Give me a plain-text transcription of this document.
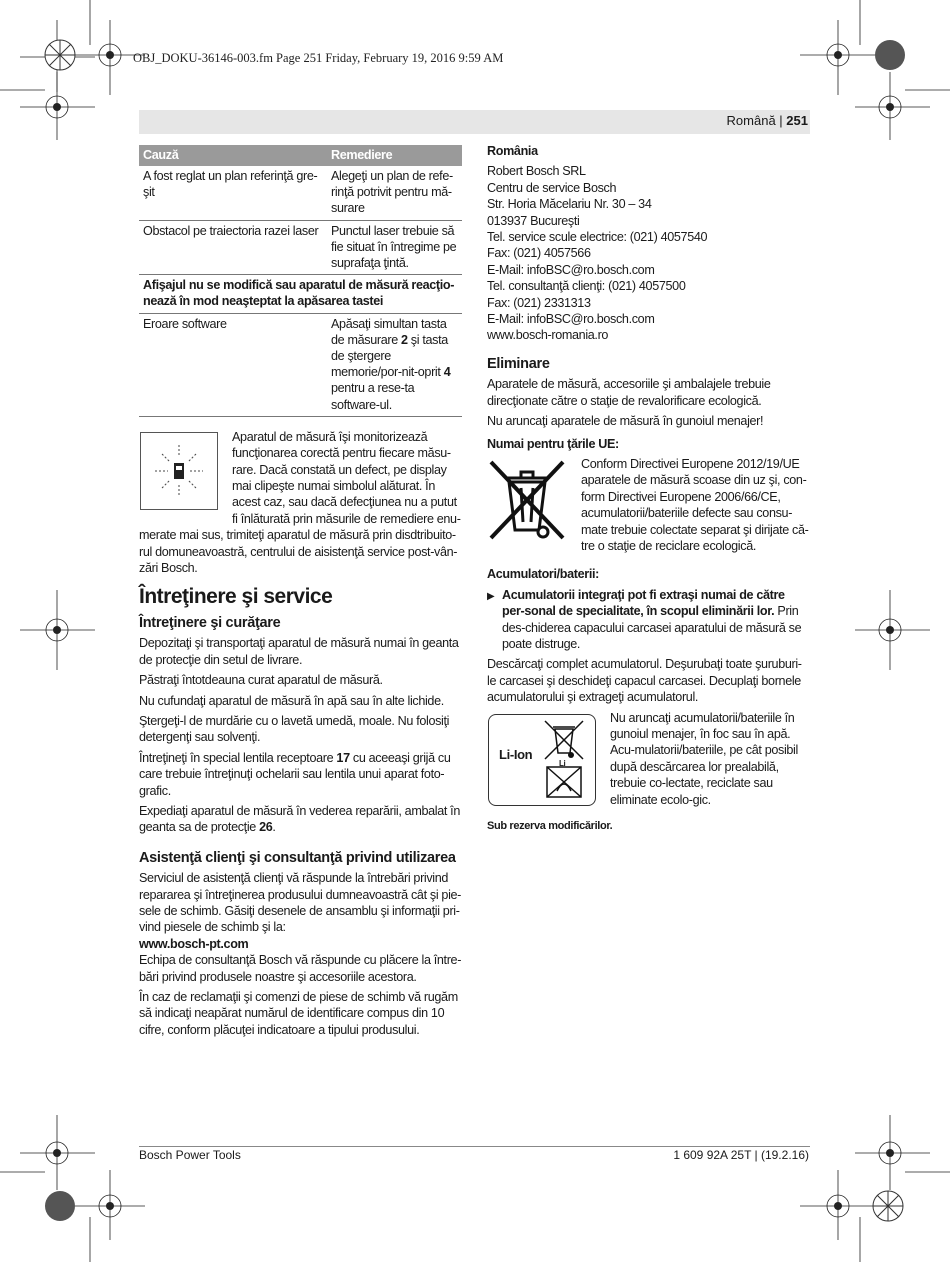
OBJ_DOKU-36146-003.fm Page 251 Friday, February 19, 2016 9:59 AM
Română | 251
Cauză	Remediere
A fost reglat un plan referinţă gre-şit	Alegeţi un plan de refe-rinţă potrivit pentru mă-surare
Obstacol pe traiectoria razei laser	Punctul laser trebuie să fie situat în întregime pe suprafaţa ţintă.
Afişajul nu se modifică sau aparatul de măsură reacţio-nează în mod neaşteptat la apăsarea tastei	
Eroare software	Apăsaţi simultan tasta de măsurare 2 şi tasta de ştergere memorie/por-nit-oprit 4 pentru a rese-ta software-ul.

Aparatul de măsură îşi monitorizează funcţionarea corectă pentru fiecare măsu-rare. Dacă constată un defect, pe display mai clipeşte numai simbolul alăturat. În acest caz, sau dacă defecţiunea nu a putut fi înlăturată prin măsurile de remediere enu-merate mai sus, trimiteţi aparatul de măsură prin disdtribuito-rul domuneavoastră, centrului de aisistenţă service post-vân-zări Bosch.

Întreţinere şi service
Întreţinere şi curăţare

Depozitaţi şi transportaţi aparatul de măsură numai în geanta de protecţie din setul de livrare.

Păstraţi întotdeauna curat aparatul de măsură.

Nu cufundaţi aparatul de măsură în apă sau în alte lichide.

Ştergeţi-l de murdărie cu o lavetă umedă, moale. Nu folosiţi detergenţi sau solvenţi.

Întreţineţi în special lentila receptoare 17 cu aceeaşi grijă cu care trebuie întreţinuţi ochelarii sau lentila unui aparat foto-grafic.

Expediaţi aparatul de măsură în vederea reparării, ambalat în geanta sa de protecţie 26.

Asistenţă clienţi şi consultanţă privind utilizarea

Serviciul de asistenţă clienţi vă răspunde la întrebări privind repararea şi întreţinerea produsului dumneavoastră cât şi pie-sele de schimb. Găsiţi desenele de ansamblu şi informaţii pri-vind piesele de schimb şi la:
www.bosch-pt.com

Echipa de consultanţă Bosch vă răspunde cu plăcere la între-bări privind produsele noastre şi accesoriile acestora.

În caz de reclamaţii şi comenzi de piese de schimb vă rugăm să indicaţi neapărat numărul de identificare compus din 10 cifre, conform plăcuţei indicatoare a tipului produsului.

România
Robert Bosch SRL
Centru de service Bosch
Str. Horia Măcelariu Nr. 30 – 34
013937 Bucureşti
Tel. service scule electrice: (021) 4057540
Fax: (021) 4057566
E-Mail: infoBSC@ro.bosch.com
Tel. consultanţă clienţi: (021) 4057500
Fax: (021) 2331313
E-Mail: infoBSC@ro.bosch.com
www.bosch-romania.ro
Eliminare

Aparatele de măsură, accesoriile şi ambalajele trebuie direcţionate către o staţie de revalorificare ecologică.

Nu aruncaţi aparatele de măsură în gunoiul menajer!

Numai pentru ţările UE:

Conform Directivei Europene 2012/19/UE aparatele de măsură scoase din uz şi, con-form Directivei Europene 2006/66/CE, acumulatorii/bateriile defecte sau consu-mate trebuie colectate separat şi dirijate că-tre o staţie de reciclare ecologică.

Acumulatori/baterii:
▶ Acumulatorii integraţi pot fi extraşi numai de către per-sonal de specialitate, în scopul eliminării lor. Prin des-chiderea capacului carcasei aparatului de măsură se poate distruge.

Descărcaţi complet acumulatorul. Deşurubaţi toate şuruburi-le carcasei şi deschideţi capacul carcasei. Decuplaţi bornele acumulatorului şi extrageţi acumulatorul.

Li-Ion
Li

Nu aruncaţi acumulatorii/bateriile în gunoiul menajer, în foc sau în apă. Acu-mulatorii/bateriile, pe cât posibil după descărcarea lor prealabilă, trebuie co-lectate, reciclate sau eliminate ecolo-gic.

Sub rezerva modificărilor.

Bosch Power Tools	1 609 92A 25T | (19.2.16)
